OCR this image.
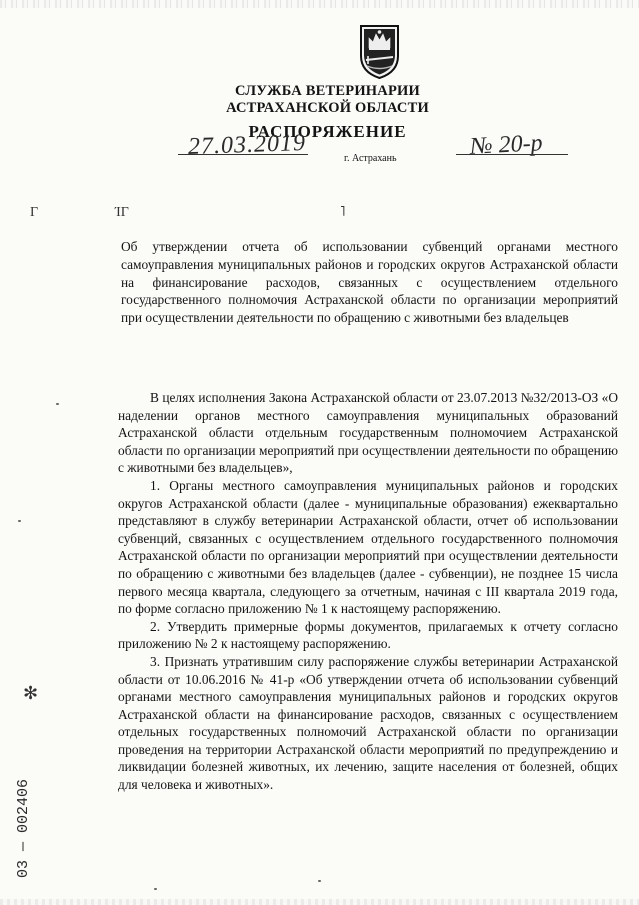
СЛУЖБА ВЕТЕРИНАРИИ
АСТРАХАНСКОЙ ОБЛАСТИ
РАСПОРЯЖЕНИЕ
27.03.2019	г. Астрахань	№ 20-р
Γ	ΊΓ	˥

Об утверждении отчета об использовании субвенций органами местного самоуправления муниципальных районов и городских округов Астраханской области на финансирование расходов, связанных с осуществлением отдельного государственного полномочия Астраханской области по организации мероприятий при осуществлении деятельности по обращению с животными без владельцев

В целях исполнения Закона Астраханской области от 23.07.2013 №32/2013-ОЗ «О наделении органов местного самоуправления муниципальных образований Астраханской области отдельным государственным полномочием Астраханской области по организации мероприятий при осуществлении деятельности по обращению с животными без владельцев»,

1. Органы местного самоуправления муниципальных районов и городских округов Астраханской области (далее - муниципальные образования) ежеквартально представляют в службу ветеринарии Астраханской области, отчет об использовании субвенций, связанных с осуществлением отдельного государственного полномочия Астраханской области по организации мероприятий при осуществлении деятельности по обращению с животными без владельцев (далее - субвенции), не позднее 15 числа первого месяца квартала, следующего за отчетным, начиная с III квартала 2019 года, по форме согласно приложению № 1 к настоящему распоряжению.

2. Утвердить примерные формы документов, прилагаемых к отчету согласно приложению № 2 к настоящему распоряжению.

3. Признать утратившим силу распоряжение службы ветеринарии Астраханской области от 10.06.2016 № 41-р «Об утверждении отчета об использовании субвенций органами местного самоуправления муниципальных районов и городских округов Астраханской области на финансирование расходов, связанных с осуществлением отдельных государственных полномочий Астраханской области по организации проведения на территории Астраханской области мероприятий по предупреждению и ликвидации болезней животных, их лечению, защите населения от болезней, общих для человека и животных».

✻
03 — 002406
